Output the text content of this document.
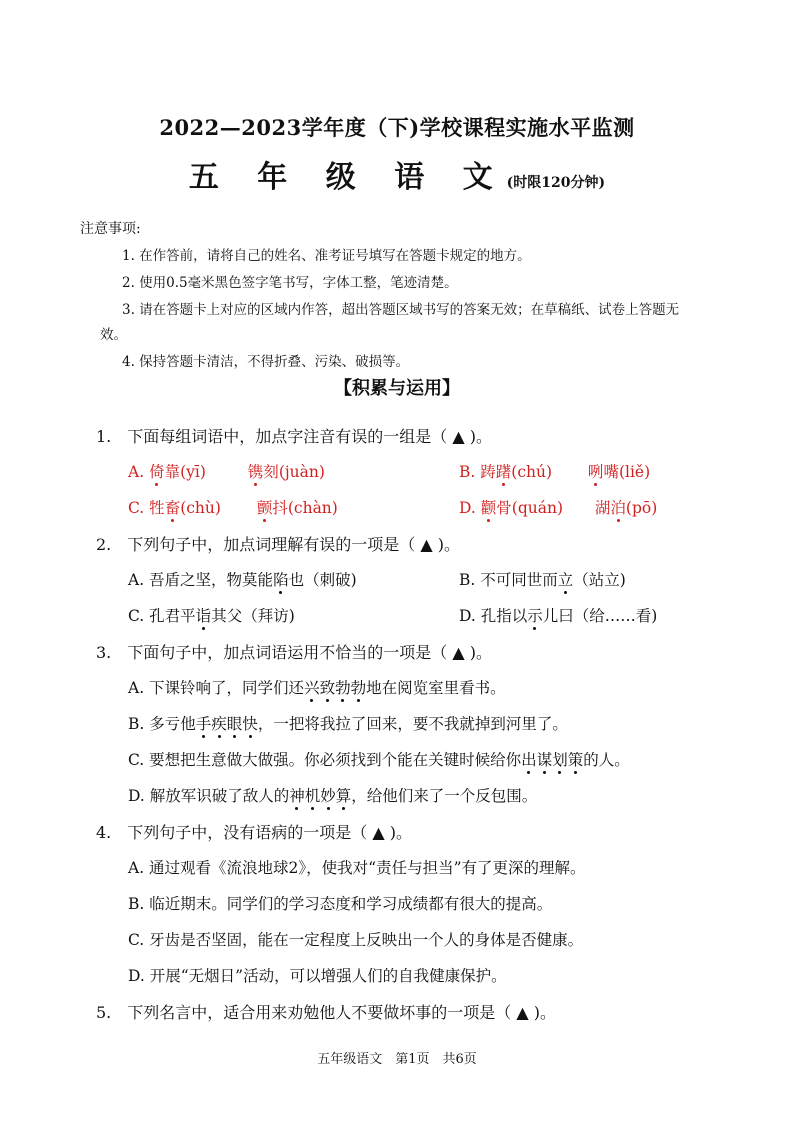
2022—2023学年度（下)学校课程实施水平监测
五 年 级 语 文(时限120分钟)
注意事项:
1. 在作答前，请将自己的姓名、准考证号填写在答题卡规定的地方。
2. 使用0.5毫米黑色签字笔书写，字体工整，笔迹清楚。
3. 请在答题卡上对应的区域内作答，超出答题区域书写的答案无效；在草稿纸、试卷上答题无
效。
4. 保持答题卡清洁，不得折叠、污染、破损等。
【积累与运用】
1.　下面每组词语中，加点字注音有误的一组是（ ▲ )。
A. 倚靠(yī)	镌刻(juàn)	B. 踌躇(chú) 咧嘴(liě)
C. 牲畜(chù) 颤抖(chàn)	D. 颧骨(quán) 湖泊(pō)
2.　下列句子中，加点词理解有误的一项是（ ▲ )。
A. 吾盾之坚，物莫能陷也（刺破)	B. 不可同世而立（站立)
C. 孔君平诣其父（拜访)	D. 孔指以示儿曰（给……看)
3.　下面句子中，加点词语运用不恰当的一项是（ ▲ )。
A. 下课铃响了，同学们还兴致勃勃地在阅览室里看书。
B. 多亏他手疾眼快，一把将我拉了回来，要不我就掉到河里了。
C. 要想把生意做大做强。你必须找到个能在关键时候给你出谋划策的人。
D. 解放军识破了敌人的神机妙算，给他们来了一个反包围。
4.　下列句子中，没有语病的一项是（ ▲ )。
A. 通过观看《流浪地球2》，使我对“责任与担当”有了更深的理解。
B. 临近期末。同学们的学习态度和学习成绩都有很大的提高。
C. 牙齿是否坚固，能在一定程度上反映出一个人的身体是否健康。
D. 开展“无烟日”活动，可以增强人们的自我健康保护。
5.　下列名言中，适合用来劝勉他人不要做坏事的一项是（ ▲ )。
五年级语文　第1页　共6页
